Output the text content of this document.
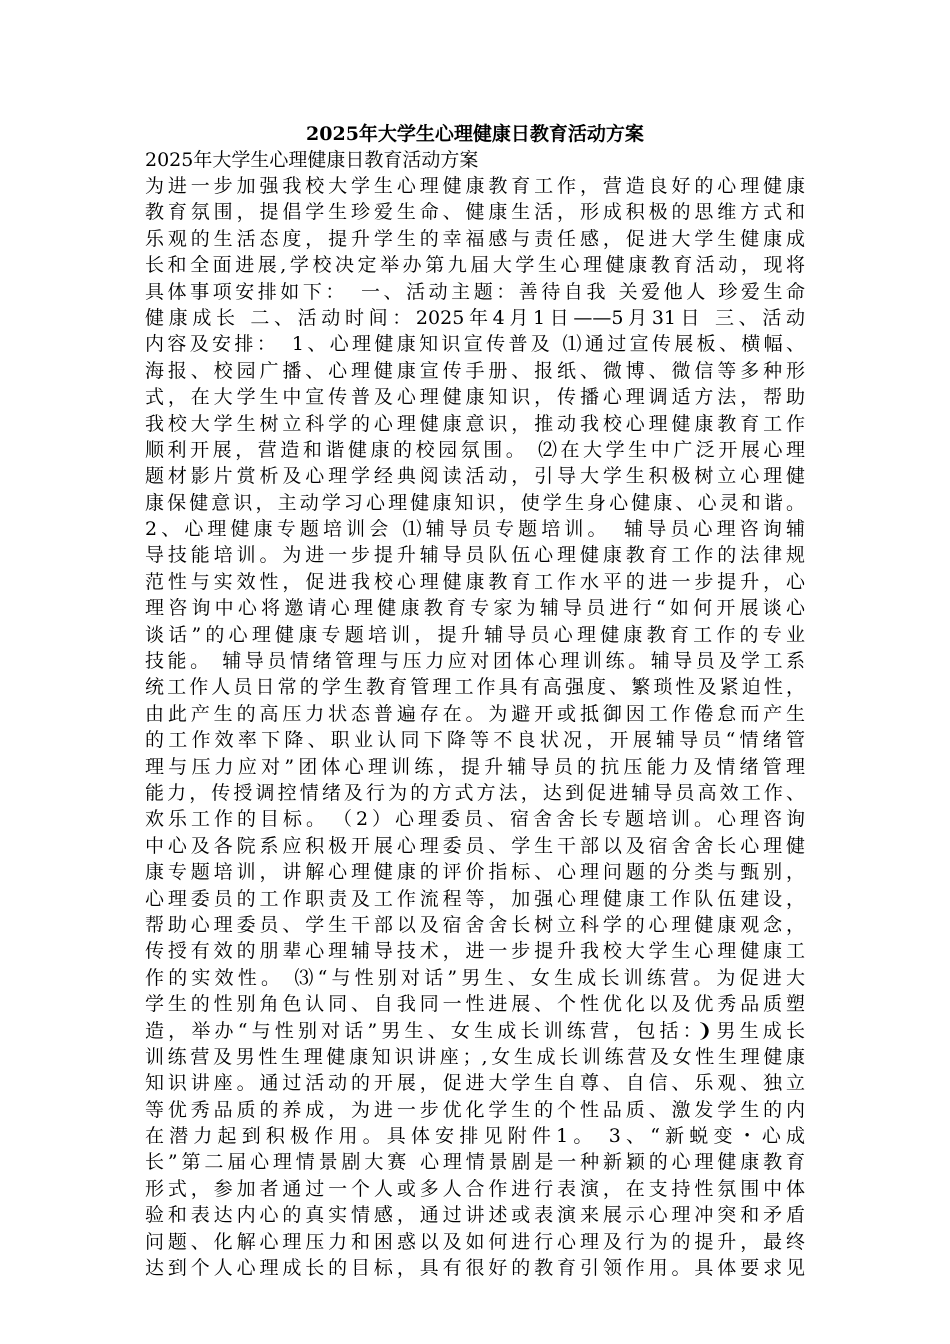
2025年大学生心理健康日教育活动方案

2025年大学生心理健康日教育活动方案

为进一步加强我校大学生心理健康教育工作，营造良好的心理健康
教育氛围，提倡学生珍爱生命、健康生活，形成积极的思维方式和
乐观的生活态度，提升学生的幸福感与责任感，促进大学生健康成
长和全面进展,学校决定举办第九届大学生心理健康教育活动，现将
具体事项安排如下：　一、活动主题：善待自我 关爱他人 珍爱生命
健康成长 二、活动时间：2025年4月1日——5月31日 三、活动
内容及安排：　1、心理健康知识宣传普及 ⑴通过宣传展板、横幅、
海报、校园广播、心理健康宣传手册、报纸、微博、微信等多种形
式，在大学生中宣传普及心理健康知识，传播心理调适方法，帮助
我校大学生树立科学的心理健康意识，推动我校心理健康教育工作
顺利开展，营造和谐健康的校园氛围。 ⑵在大学生中广泛开展心理
题材影片赏析及心理学经典阅读活动，引导大学生积极树立心理健
康保健意识，主动学习心理健康知识，使学生身心健康、心灵和谐。
2、心理健康专题培训会 ⑴辅导员专题培训。　辅导员心理咨询辅
导技能培训。为进一步提升辅导员队伍心理健康教育工作的法律规
范性与实效性，促进我校心理健康教育工作水平的进一步提升，心
理咨询中心将邀请心理健康教育专家为辅导员进行“如何开展谈心
谈话”的心理健康专题培训，提升辅导员心理健康教育工作的专业
技能。 辅导员情绪管理与压力应对团体心理训练。辅导员及学工系
统工作人员日常的学生教育管理工作具有高强度、繁琐性及紧迫性，
由此产生的高压力状态普遍存在。为避开或抵御因工作倦怠而产生
的工作效率下降、职业认同下降等不良状况，开展辅导员“情绪管
理与压力应对”团体心理训练，提升辅导员的抗压能力及情绪管理
能力，传授调控情绪及行为的方式方法，达到促进辅导员高效工作、
欢乐工作的目标。　（2）心理委员、宿舍舍长专题培训。心理咨询
中心及各院系应积极开展心理委员、学生干部以及宿舍舍长心理健
康专题培训，讲解心理健康的评价指标、心理问题的分类与甄别，
心理委员的工作职责及工作流程等，加强心理健康工作队伍建设，
帮助心理委员、学生干部以及宿舍舍长树立科学的心理健康观念，
传授有效的朋辈心理辅导技术，进一步提升我校大学生心理健康工
作的实效性。 ⑶“与性别对话”男生、女生成长训练营。为促进大
学生的性别角色认同、自我同一性进展、个性优化以及优秀品质塑
造，举办“与性别对话”男生、女生成长训练营，包括：❩男生成长
训练营及男性生理健康知识讲座；,女生成长训练营及女性生理健康
知识讲座。通过活动的开展，促进大学生自尊、自信、乐观、独立
等优秀品质的养成，为进一步优化学生的个性品质、激发学生的内
在潜力起到积极作用。具体安排见附件1。 3、“新蜕变・心成
长”第二届心理情景剧大赛 心理情景剧是一种新颖的心理健康教育
形式，参加者通过一个人或多人合作进行表演，在支持性氛围中体
验和表达内心的真实情感，通过讲述或表演来展示心理冲突和矛盾
问题、化解心理压力和困惑以及如何进行心理及行为的提升，最终
达到个人心理成长的目标，具有很好的教育引领作用。具体要求见
